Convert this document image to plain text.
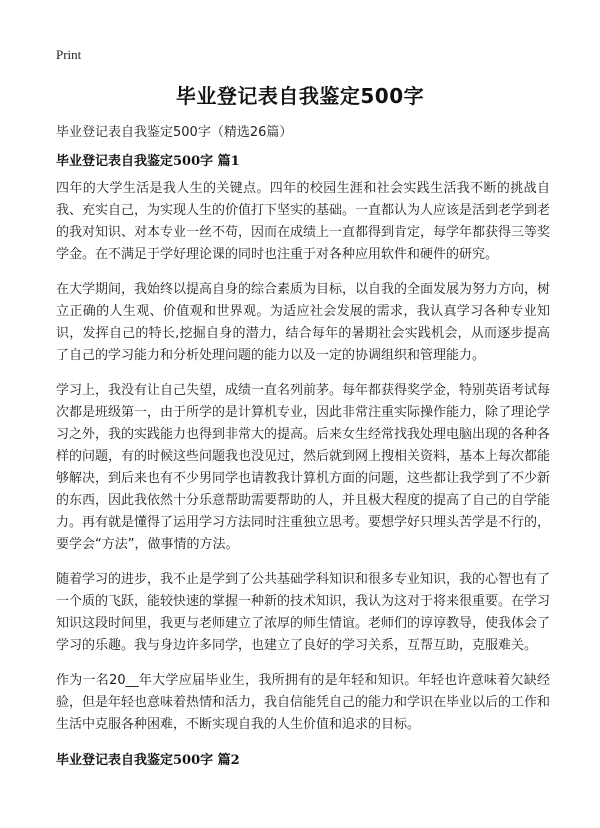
Print
毕业登记表自我鉴定500字
毕业登记表自我鉴定500字（精选26篇）
毕业登记表自我鉴定500字 篇1

四年的大学生活是我人生的关键点。四年的校园生涯和社会实践生活我不断的挑战自我、充实自己，为实现人生的价值打下坚实的基础。一直都认为人应该是活到老学到老的我对知识、对本专业一丝不苟，因而在成绩上一直都得到肯定，每学年都获得三等奖学金。在不满足于学好理论课的同时也注重于对各种应用软件和硬件的研究。

在大学期间，我始终以提高自身的综合素质为目标，以自我的全面发展为努力方向，树立正确的人生观、价值观和世界观。为适应社会发展的需求，我认真学习各种专业知识，发挥自己的特长,挖掘自身的潜力，结合每年的暑期社会实践机会，从而逐步提高了自己的学习能力和分析处理问题的能力以及一定的协调组织和管理能力。

学习上，我没有让自己失望，成绩一直名列前茅。每年都获得奖学金，特别英语考试每次都是班级第一，由于所学的是计算机专业，因此非常注重实际操作能力，除了理论学习之外，我的实践能力也得到非常大的提高。后来女生经常找我处理电脑出现的各种各样的问题，有的时候这些问题我也没见过，然后就到网上搜相关资料，基本上每次都能够解决，到后来也有不少男同学也请教我计算机方面的问题，这些都让我学到了不少新的东西，因此我依然十分乐意帮助需要帮助的人，并且极大程度的提高了自己的自学能力。再有就是懂得了运用学习方法同时注重独立思考。要想学好只埋头苦学是不行的，要学会“方法”，做事情的方法。

随着学习的进步，我不止是学到了公共基础学科知识和很多专业知识，我的心智也有了一个质的飞跃，能较快速的掌握一种新的技术知识，我认为这对于将来很重要。在学习知识这段时间里，我更与老师建立了浓厚的师生情谊。老师们的谆谆教导，使我体会了学习的乐趣。我与身边许多同学，也建立了良好的学习关系，互帮互助，克服难关。

作为一名20__年大学应届毕业生，我所拥有的是年轻和知识。年轻也许意味着欠缺经验，但是年轻也意味着热情和活力，我自信能凭自己的能力和学识在毕业以后的工作和生活中克服各种困难，不断实现自我的人生价值和追求的目标。

毕业登记表自我鉴定500字 篇2
